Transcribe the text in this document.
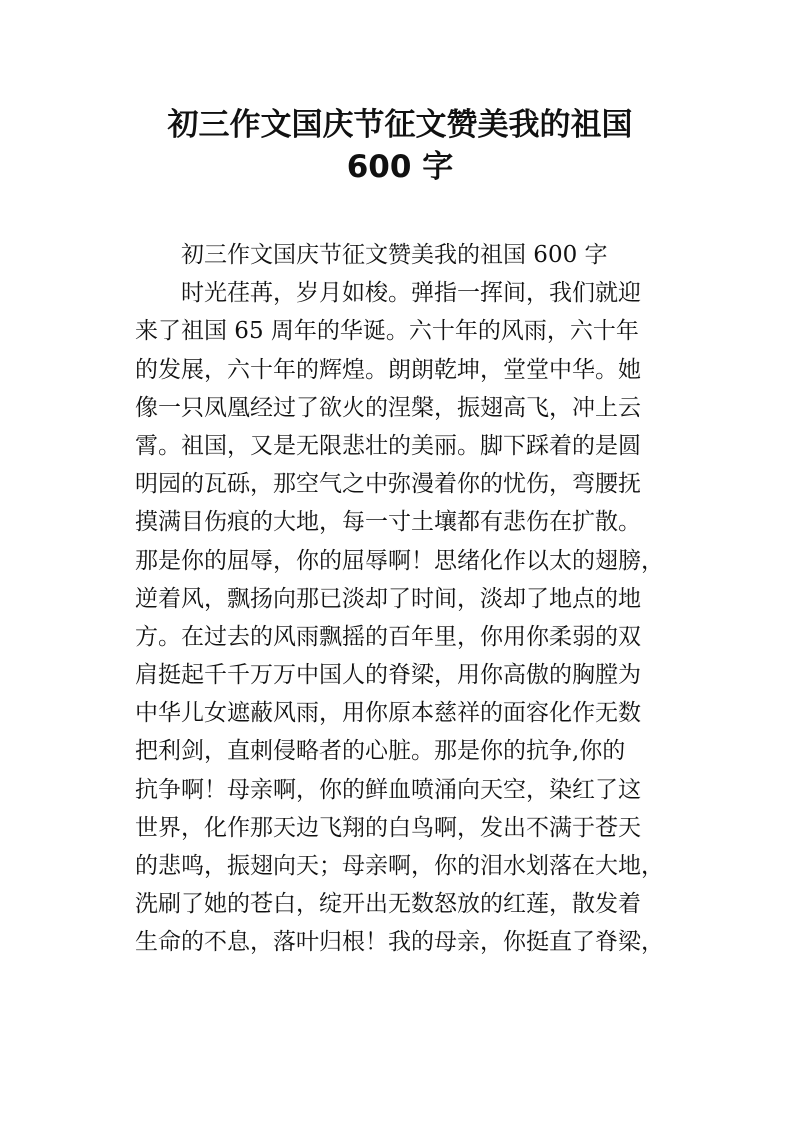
初三作文国庆节征文赞美我的祖国
600 字
初三作文国庆节征文赞美我的祖国 600 字
时光荏苒，岁月如梭。弹指一挥间，我们就迎
来了祖国 65 周年的华诞。六十年的风雨，六十年
的发展，六十年的辉煌。朗朗乾坤，堂堂中华。她
像一只凤凰经过了欲火的涅槃，振翅高飞，冲上云
霄。祖国，又是无限悲壮的美丽。脚下踩着的是圆
明园的瓦砾，那空气之中弥漫着你的忧伤，弯腰抚
摸满目伤痕的大地，每一寸土壤都有悲伤在扩散。
那是你的屈辱，你的屈辱啊！思绪化作以太的翅膀，
逆着风，飘扬向那已淡却了时间，淡却了地点的地
方。在过去的风雨飘摇的百年里，你用你柔弱的双
肩挺起千千万万中国人的脊梁，用你高傲的胸膛为
中华儿女遮蔽风雨，用你原本慈祥的面容化作无数
把利剑，直刺侵略者的心脏。那是你的抗争,你的
抗争啊！母亲啊，你的鲜血喷涌向天空，染红了这
世界，化作那天边飞翔的白鸟啊，发出不满于苍天
的悲鸣，振翅向天；母亲啊，你的泪水划落在大地，
洗刷了她的苍白，绽开出无数怒放的红莲，散发着
生命的不息，落叶归根！我的母亲，你挺直了脊梁，
